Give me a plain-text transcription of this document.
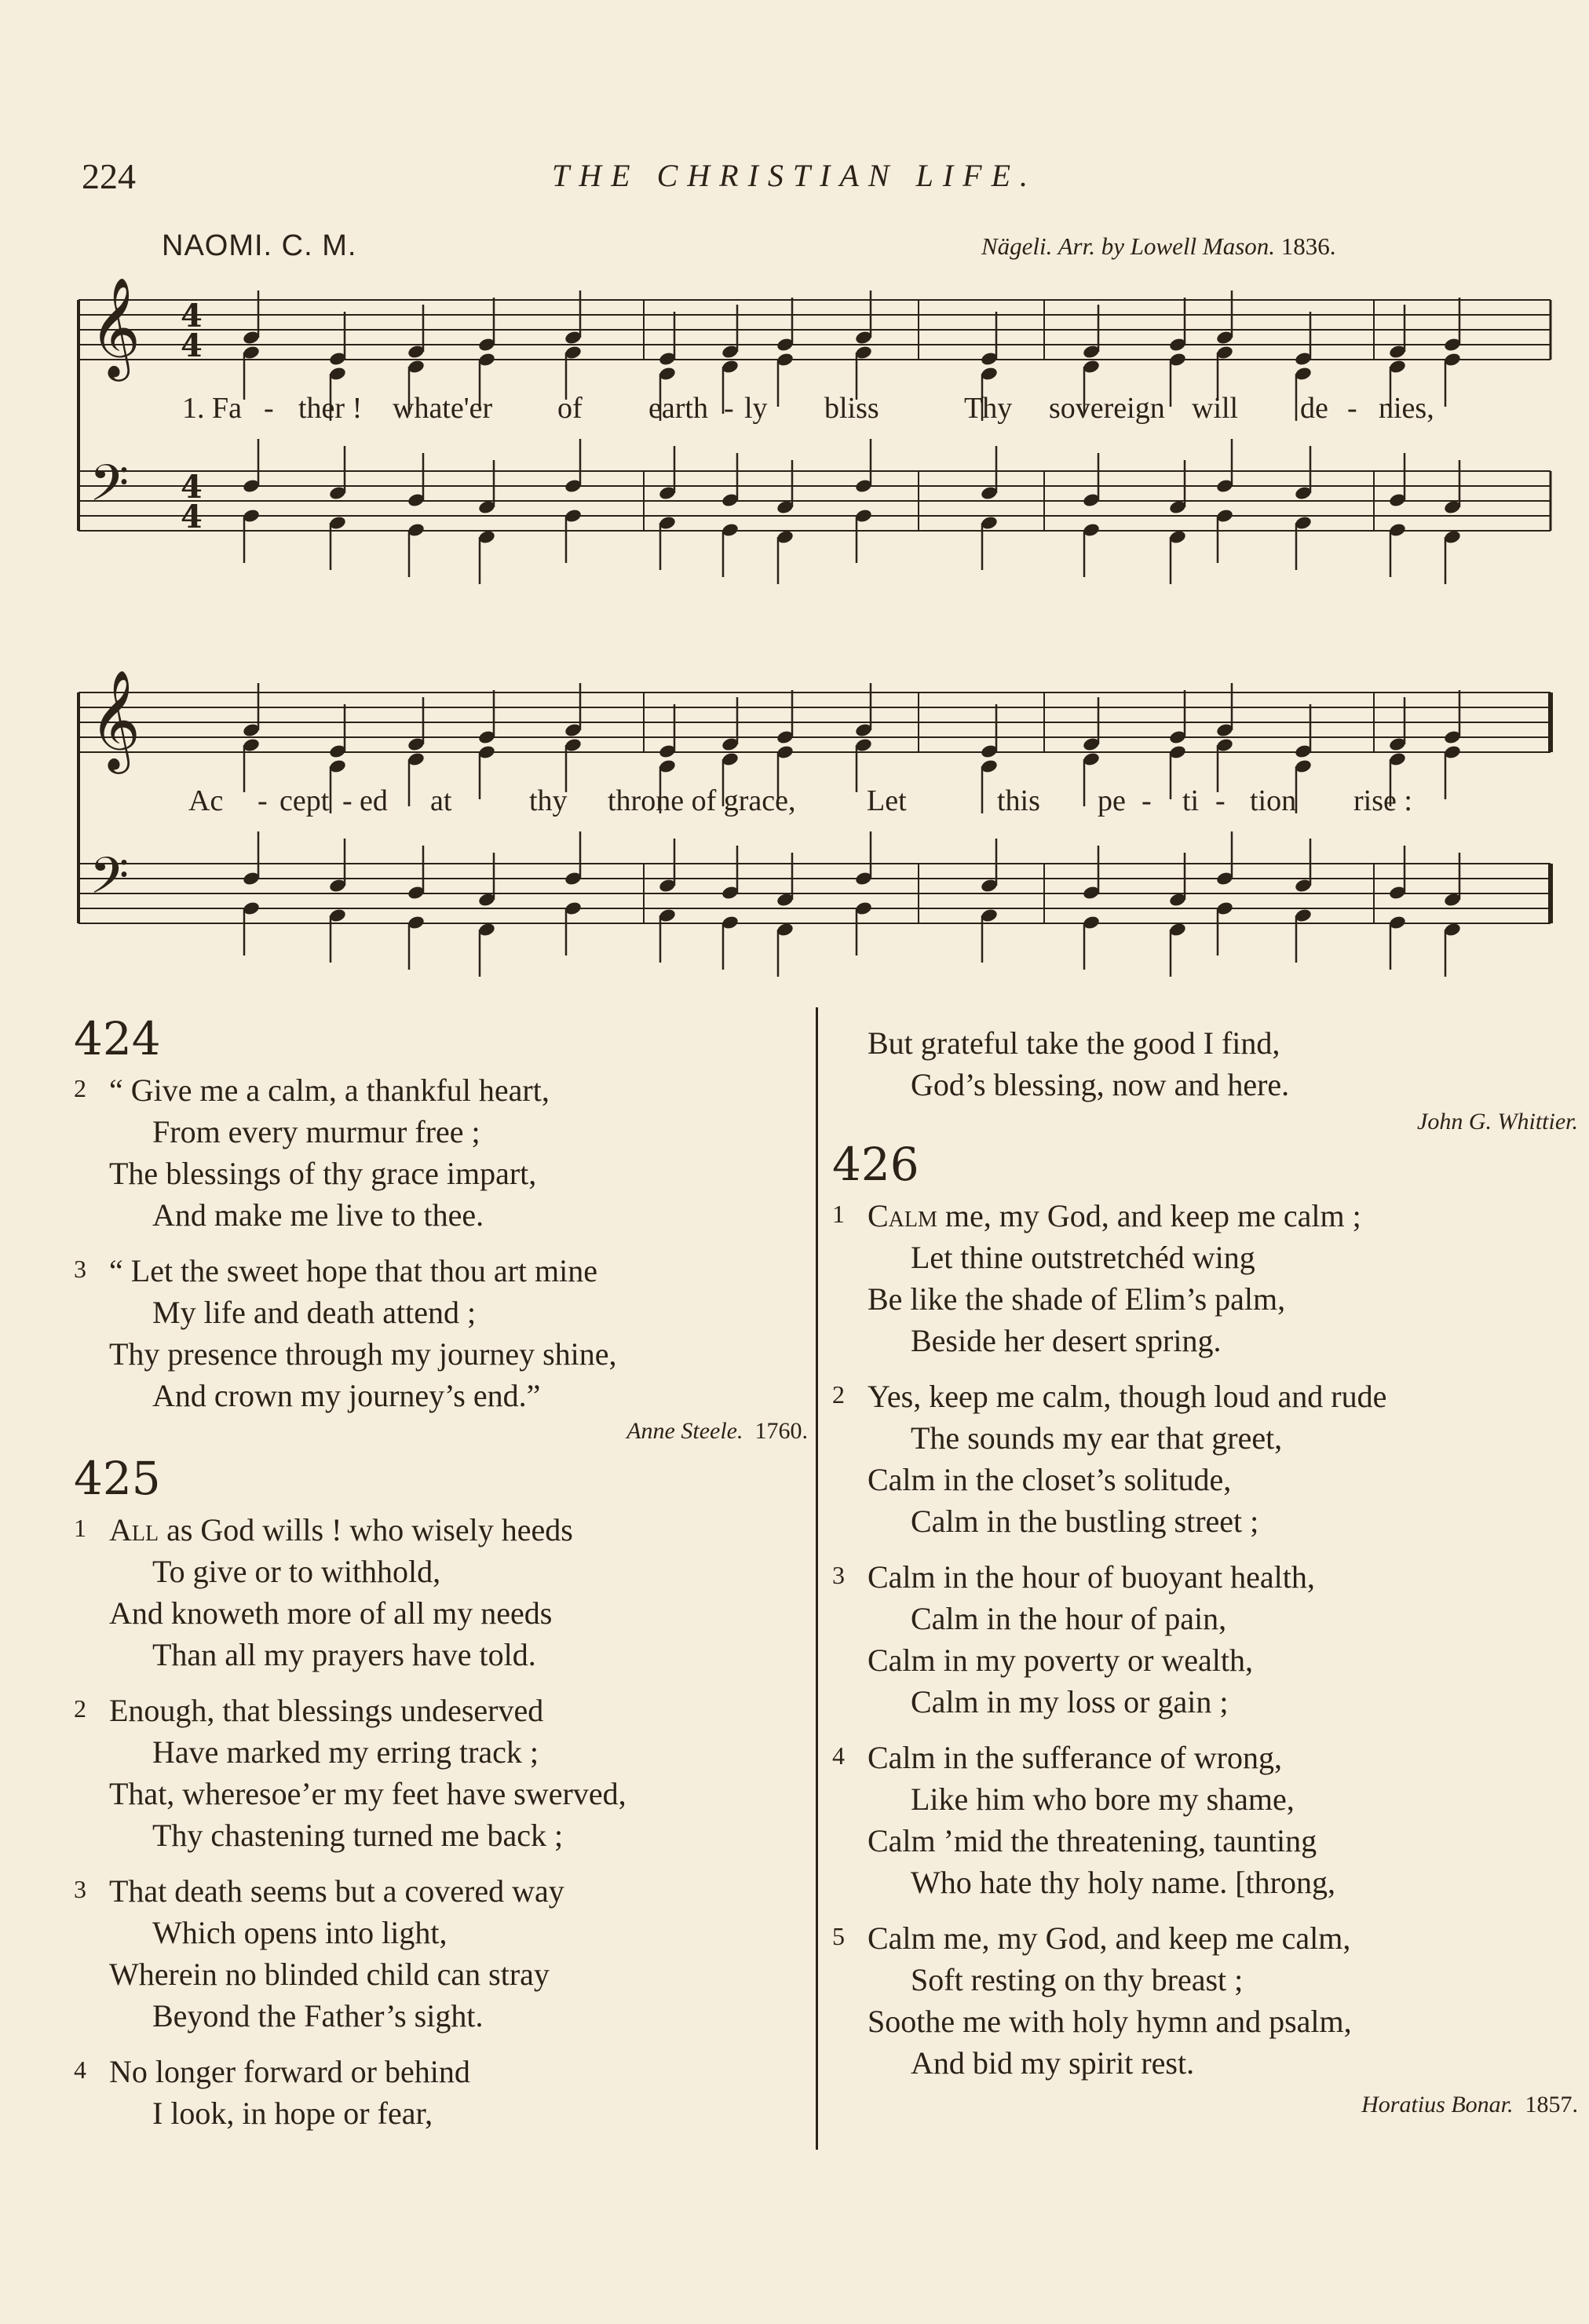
224	THE CHRISTIAN LIFE.
NAOMI. C. M.	Nägeli. Arr. by Lowell Mason. 1836.
𝄞
𝄢
4
4
4
4
𝄞
𝄢
1. Fa - ther ! whate'er of earth - ly bliss	Thy sovereign will de - nies,
Ac - cept - ed at	thy throne of grace, Let	this pe - ti - tion rise :
424
2 “ Give me a calm, a thankful heart,
From every murmur free ;
The blessings of thy grace impart,
And make me live to thee.
3 “ Let the sweet hope that thou art mine
My life and death attend ;
Thy presence through my journey shine,
And crown my journey’s end.”
Anne Steele. 1760.
425
1 All as God wills ! who wisely heeds
To give or to withhold,
And knoweth more of all my needs
Than all my prayers have told.
2 Enough, that blessings undeserved
Have marked my erring track ;
That, wheresoe’er my feet have swerved,
Thy chastening turned me back ;
3 That death seems but a covered way
Which opens into light,
Wherein no blinded child can stray
Beyond the Father’s sight.
4 No longer forward or behind
I look, in hope or fear,
But grateful take the good I find,
God’s blessing, now and here.
John G. Whittier.
426
1 Calm me, my God, and keep me calm ;
Let thine outstretchéd wing
Be like the shade of Elim’s palm,
Beside her desert spring.
2 Yes, keep me calm, though loud and rude
The sounds my ear that greet,
Calm in the closet’s solitude,
Calm in the bustling street ;
3 Calm in the hour of buoyant health,
Calm in the hour of pain,
Calm in my poverty or wealth,
Calm in my loss or gain ;
4 Calm in the sufferance of wrong,
Like him who bore my shame,
Calm ’mid the threatening, taunting
Who hate thy holy name. [throng,
5 Calm me, my God, and keep me calm,
Soft resting on thy breast ;
Soothe me with holy hymn and psalm,
And bid my spirit rest.
Horatius Bonar. 1857.
